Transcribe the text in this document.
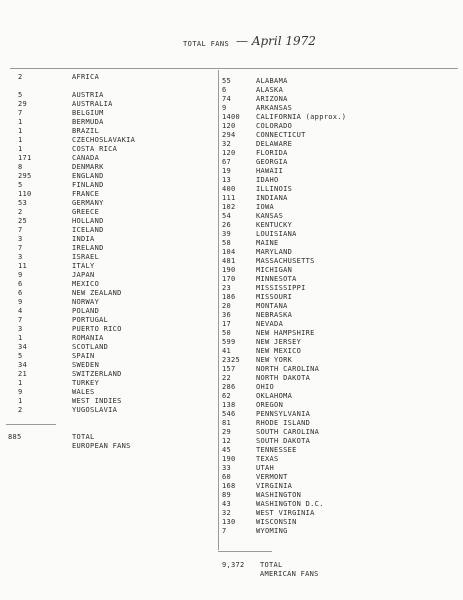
TOTAL FANS — April 1972
2	AFRICA
5	AUSTRIA
29	AUSTRALIA
7	BELGIUM
1	BERMUDA
1	BRAZIL
1	CZECHOSLAVAKIA
1	COSTA RICA
171	CANADA
8	DENMARK
295	ENGLAND
5	FINLAND
110	FRANCE
53	GERMANY
2	GREECE
25	HOLLAND
7	ICELAND
3	INDIA
7	IRELAND
3	ISRAEL
11	ITALY
9	JAPAN
6	MEXICO
6	NEW ZEALAND
9	NORWAY
4	POLAND
7	PORTUGAL
3	PUERTO RICO
1	ROMANIA
34	SCOTLAND
5	SPAIN
34	SWEDEN
21	SWITZERLAND
1	TURKEY
9	WALES
1	WEST INDIES
2	YUGOSLAVIA
55	ALABAMA
6	ALASKA
74	ARIZONA
9	ARKANSAS
1400 CALIFORNIA (approx.)
120	COLORADO
294	CONNECTICUT
32	DELAWARE
120	FLORIDA
67	GEORGIA
19	HAWAII
13	IDAHO
400	ILLINOIS
111	INDIANA
102	IOWA
54	KANSAS
26	KENTUCKY
39	LOUISIANA
58	MAINE
104	MARYLAND
481	MASSACHUSETTS
190	MICHIGAN
170	MINNESOTA
23	MISSISSIPPI
186	MISSOURI
20	MONTANA
36	NEBRASKA
17	NEVADA
50	NEW HAMPSHIRE
599	NEW JERSEY
41	NEW MEXICO
2325 NEW YORK
157	NORTH CAROLINA
22	NORTH DAKOTA
286	OHIO
62	OKLAHOMA
138	OREGON
546	PENNSYLVANIA
81	RHODE ISLAND
29	SOUTH CAROLINA
12	SOUTH DAKOTA
45	TENNESSEE
190	TEXAS
33	UTAH
60	VERMONT
168	VIRGINIA
89	WASHINGTON
43	WASHINGTON D.C.
32	WEST VIRGINIA
130	WISCONSIN
7	WYOMING
885	TOTAL
EUROPEAN FANS
9,372 TOTAL
AMERICAN FANS
